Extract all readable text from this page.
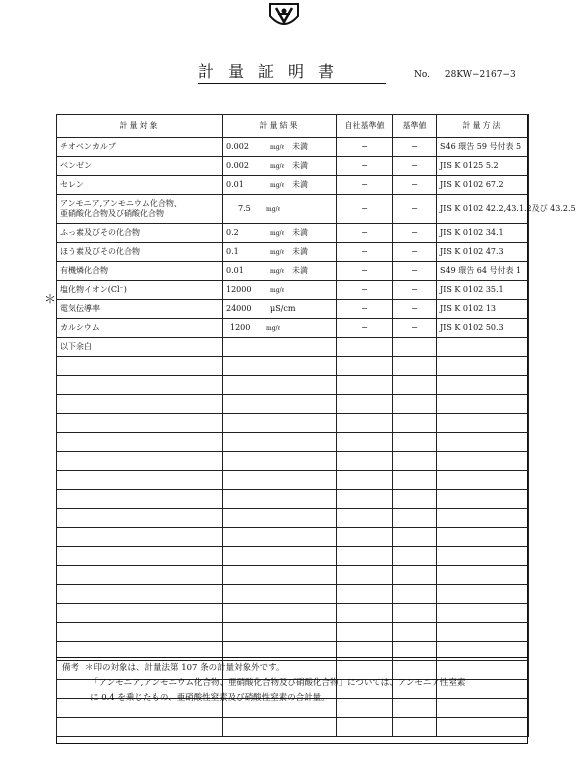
計量証明書	No. 28KW−2167−3
計量対象	計量結果	自社基準値	基準値	計量方法
チオベンカルブ	0.002 mg/ℓ 未満	−	−	S46 環告 59 号付表 5
ベンゼン	0.002 mg/ℓ 未満	−	−	JIS K 0125 5.2
セレン	0.01 mg/ℓ 未満	−	−	JIS K 0102 67.2

アンモニア,アンモニウム化合物、
亜硝酸化合物及び硝酸化合物	7.5 mg/ℓ	−	−	JIS K 0102 42.2,43.1.2及び 43.2.5
ふっ素及びその化合物	0.2 mg/ℓ 未満	−	−	JIS K 0102 34.1
ほう素及びその化合物	0.1 mg/ℓ 未満	−	−	JIS K 0102 47.3
有機燐化合物	0.01 mg/ℓ 未満	−	−	S49 環告 64 号付表 1
塩化物イオン(Cl⁻)	12000 mg/ℓ	−	−	JIS K 0102 35.1
電気伝導率	24000 μS/cm	−	−	JIS K 0102 13
カルシウム	1200 mg/ℓ	−	−	JIS K 0102 50.3
以下余白				

＊
備考 ＊印の対象は、計量法第 107 条の計量対象外です。
「アンモニア,アンモニウム化合物、亜硝酸化合物及び硝酸化合物」については、アンモニア性窒素
に 0.4 を乗じたもの、亜硝酸性窒素及び硝酸性窒素の合計量。
